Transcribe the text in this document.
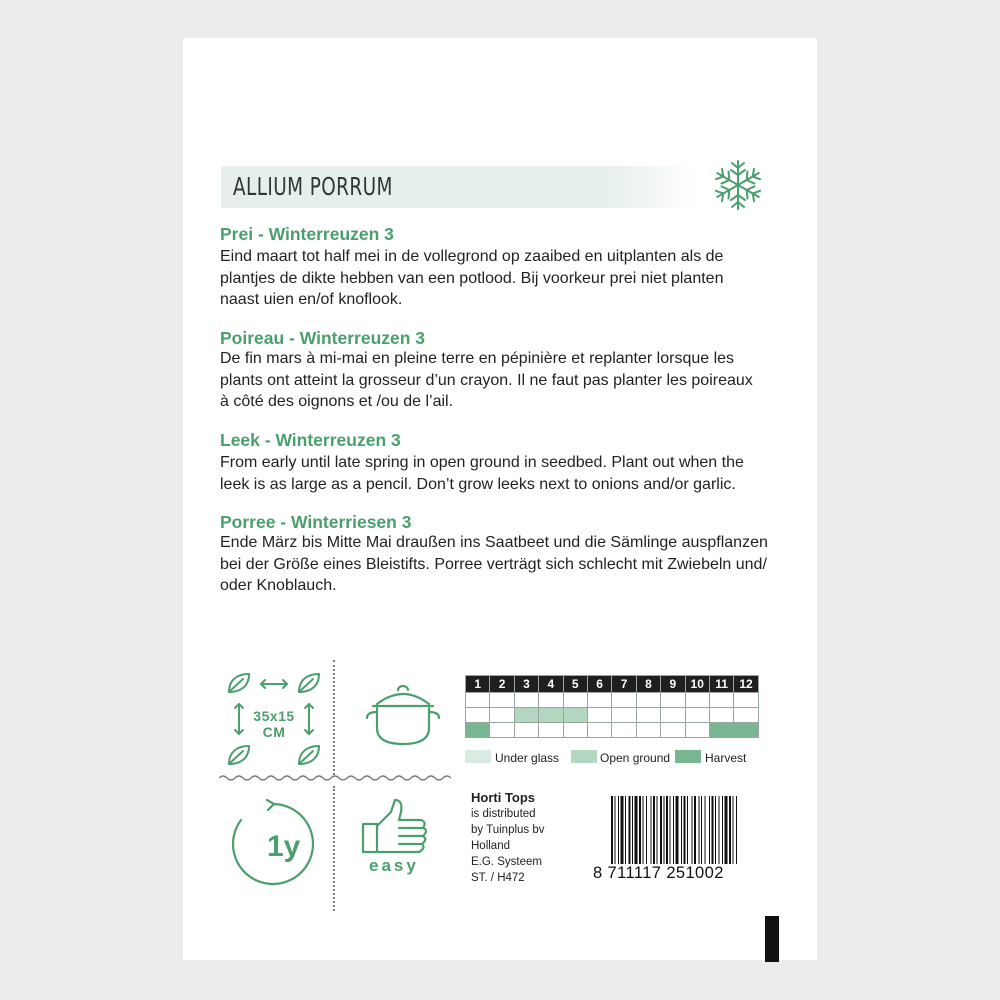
ALLIUM PORRUM
Prei - Winterreuzen 3
Eind maart tot half mei in de vollegrond op zaaibed en uitplanten als de
plantjes de dikte hebben van een potlood. Bij voorkeur prei niet planten
naast uien en/of knoflook.
Poireau - Winterreuzen 3
De fin mars à mi-mai en pleine terre en pépinière et replanter lorsque les
plants ont atteint la grosseur d’un crayon. Il ne faut pas planter les poireaux
à côté des oignons et /ou de l’ail.
Leek - Winterreuzen 3
From early until late spring in open ground in seedbed. Plant out when the
leek is as large as a pencil. Don’t grow leeks next to onions and/or garlic.
Porree - Winterriesen 3
Ende März bis Mitte Mai draußen ins Saatbeet und die Sämlinge auspflanzen
bei der Größe eines Bleistifts. Porree verträgt sich schlecht mit Zwiebeln und/
oder Knoblauch.
35x15
CM
1y
easy
1	2	3	4	5	6	7	8	9	10	11	12

Under glass	Open ground	Harvest
Horti Tops
is distributed
by Tuinplus bv
Holland
E.G. Systeem
ST. / H472	8 711117 251002
